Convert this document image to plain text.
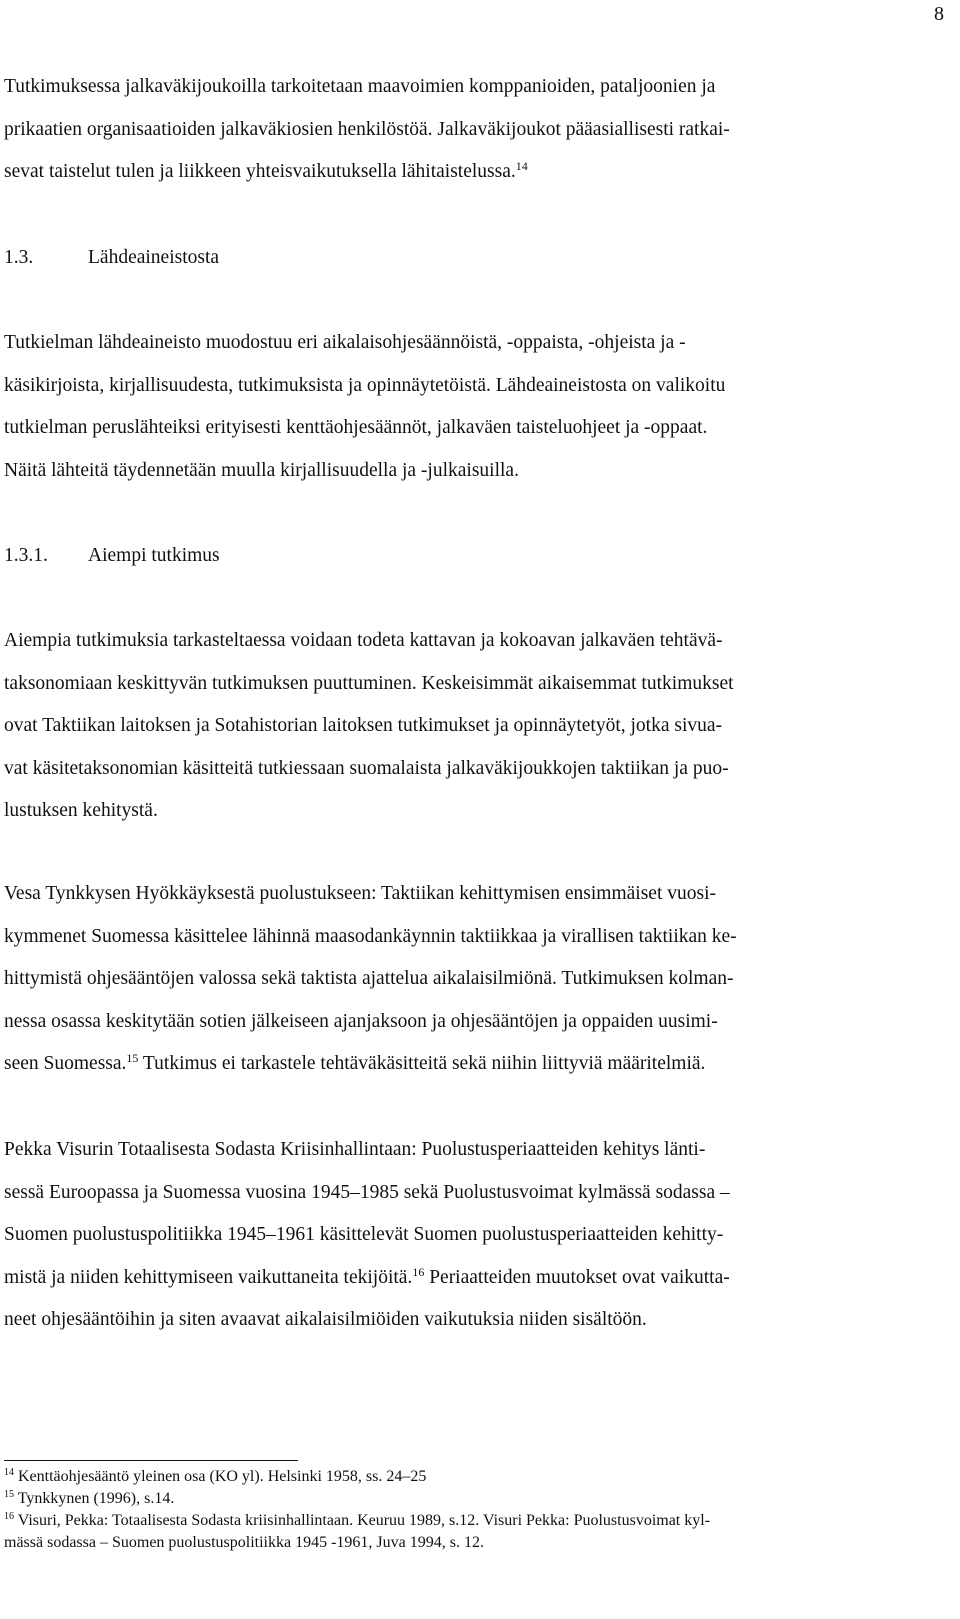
8

Tutkimuksessa jalkaväkijoukoilla tarkoitetaan maavoimien komppanioiden, pataljoonien ja
prikaatien organisaatioiden jalkaväkiosien henkilöstöä. Jalkaväkijoukot pääasiallisesti ratkai-
sevat taistelut tulen ja liikkeen yhteisvaikutuksella lähitaistelussa.$^{14}$

1.3.	Lähdeaineistosta

Tutkielman lähdeaineisto muodostuu eri aikalaisohjesäännöistä, -oppaista, -ohjeista ja -
käsikirjoista, kirjallisuudesta, tutkimuksista ja opinnäytetöistä. Lähdeaineistosta on valikoitu
tutkielman peruslähteiksi erityisesti kenttäohjesäännöt, jalkaväen taisteluohjeet ja -oppaat.
Näitä lähteitä täydennetään muulla kirjallisuudella ja -julkaisuilla.

1.3.1. Aiempi tutkimus

Aiempia tutkimuksia tarkasteltaessa voidaan todeta kattavan ja kokoavan jalkaväen tehtävä-
taksonomiaan keskittyvän tutkimuksen puuttuminen. Keskeisimmät aikaisemmat tutkimukset
ovat Taktiikan laitoksen ja Sotahistorian laitoksen tutkimukset ja opinnäytetyöt, jotka sivua-
vat käsitetaksonomian käsitteitä tutkiessaan suomalaista jalkaväkijoukkojen taktiikan ja puo-
lustuksen kehitystä.

Vesa Tynkkysen Hyökkäyksestä puolustukseen: Taktiikan kehittymisen ensimmäiset vuosi-
kymmenet Suomessa käsittelee lähinnä maasodankäynnin taktiikkaa ja virallisen taktiikan ke-
hittymistä ohjesääntöjen valossa sekä taktista ajattelua aikalaisilmiönä. Tutkimuksen kolman-
nessa osassa keskitytään sotien jälkeiseen ajanjaksoon ja ohjesääntöjen ja oppaiden uusimi-
seen Suomessa.$^{15}$ Tutkimus ei tarkastele tehtäväkäsitteitä sekä niihin liittyviä määritelmiä.

Pekka Visurin Totaalisesta Sodasta Kriisinhallintaan: Puolustusperiaatteiden kehitys länti-
sessä Euroopassa ja Suomessa vuosina 1945–1985 sekä Puolustusvoimat kylmässä sodassa –
Suomen puolustuspolitiikka 1945–1961 käsittelevät Suomen puolustusperiaatteiden kehitty-
mistä ja niiden kehittymiseen vaikuttaneita tekijöitä.$^{16}$ Periaatteiden muutokset ovat vaikutta-
neet ohjesääntöihin ja siten avaavat aikalaisilmiöiden vaikutuksia niiden sisältöön.

$^{14}$ Kenttäohjesääntö yleinen osa (KO yl). Helsinki 1958, ss. 24–25
$^{15}$ Tynkkynen (1996), s.14.
$^{16}$ Visuri, Pekka: Totaalisesta Sodasta kriisinhallintaan. Keuruu 1989, s.12. Visuri Pekka: Puolustusvoimat kyl-
mässä sodassa – Suomen puolustuspolitiikka 1945 -1961, Juva 1994, s. 12.
